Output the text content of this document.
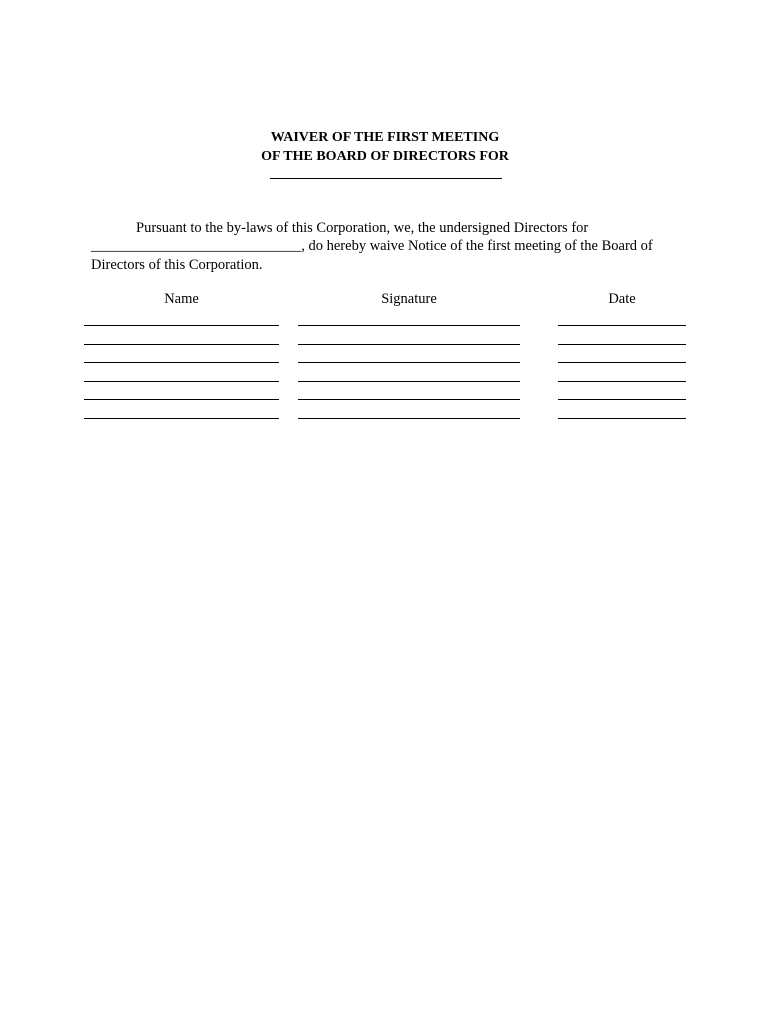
WAIVER OF THE FIRST MEETING
OF THE BOARD OF DIRECTORS FOR
Pursuant to the by-laws of this Corporation, we, the undersigned Directors for
_____________________________, do hereby waive Notice of the first meeting of the Board of
Directors of this Corporation.
Name	Signature	Date
